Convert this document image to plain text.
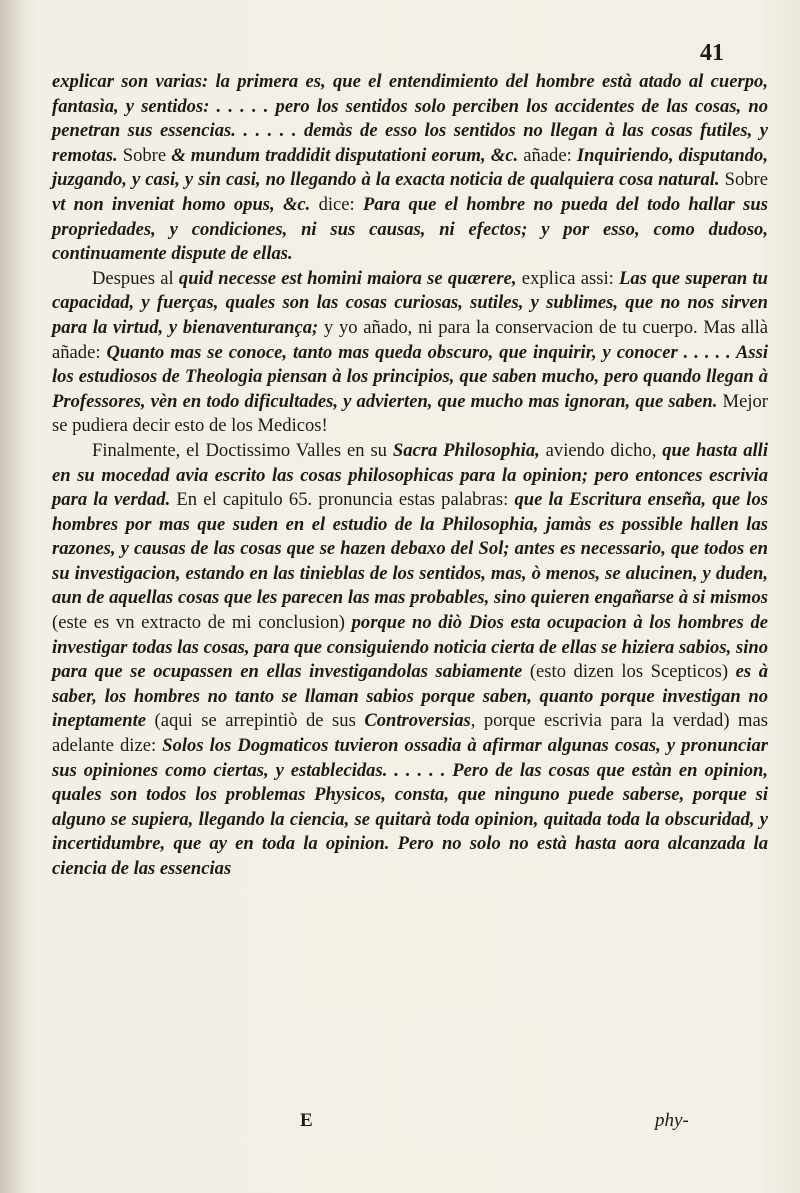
41

explicar son varias: la primera es, que el entendimiento del hombre està atado al cuerpo, fantasìa, y sentidos: . . . . . pero los sentidos solo perciben los accidentes de las cosas, no penetran sus essencias. . . . . . demàs de esso los sentidos no llegan à las cosas futiles, y remotas. Sobre & mundum traddidit disputationi eorum, &c. añade: Inquiriendo, disputando, juzgando, y casi, y sin casi, no llegando à la exacta noticia de qualquiera cosa natural. Sobre vt non inveniat homo opus, &c. dice: Para que el hombre no pueda del todo hallar sus propriedades, y condiciones, ni sus causas, ni efectos; y por esso, como dudoso, continuamente dispute de ellas.

Despues al quid necesse est homini maiora se quærere, explica assi: Las que superan tu capacidad, y fuerças, quales son las cosas curiosas, sutiles, y sublimes, que no nos sirven para la virtud, y bienaventurança; y yo añado, ni para la conservacion de tu cuerpo. Mas allà añade: Quanto mas se conoce, tanto mas queda obscuro, que inquirir, y conocer . . . . . Assi los estudiosos de Theologia piensan à los principios, que saben mucho, pero quando llegan à Professores, vèn en todo dificultades, y advierten, que mucho mas ignoran, que saben. Mejor se pudiera decir esto de los Medicos!

Finalmente, el Doctissimo Valles en su Sacra Philosophia, aviendo dicho, que hasta alli en su mocedad avia escrito las cosas philosophicas para la opinion; pero entonces escrivia para la verdad. En el capitulo 65. pronuncia estas palabras: que la Escritura enseña, que los hombres por mas que suden en el estudio de la Philosophia, jamàs es possible hallen las razones, y causas de las cosas que se hazen debaxo del Sol; antes es necessario, que todos en su investigacion, estando en las tinieblas de los sentidos, mas, ò menos, se alucinen, y duden, aun de aquellas cosas que les parecen las mas probables, sino quieren engañarse à si mismos (este es vn extracto de mi conclusion) porque no diò Dios esta ocupacion à los hombres de investigar todas las cosas, para que consiguiendo noticia cierta de ellas se hiziera sabios, sino para que se ocupassen en ellas investigandolas sabiamente (esto dizen los Scepticos) es à saber, los hombres no tanto se llaman sabios porque saben, quanto porque investigan no ineptamente (aqui se arrepintiò de sus Controversias, porque escrivia para la verdad) mas adelante dize: Solos los Dogmaticos tuvieron ossadia à afirmar algunas cosas, y pronunciar sus opiniones como ciertas, y establecidas. . . . . . Pero de las cosas que estàn en opinion, quales son todos los problemas Physicos, consta, que ninguno puede saberse, porque si alguno se supiera, llegando la ciencia, se quitarà toda opinion, quitada toda la obscuridad, y incertidumbre, que ay en toda la opinion. Pero no solo no està hasta aora alcanzada la ciencia de las essencias

E	phy-
